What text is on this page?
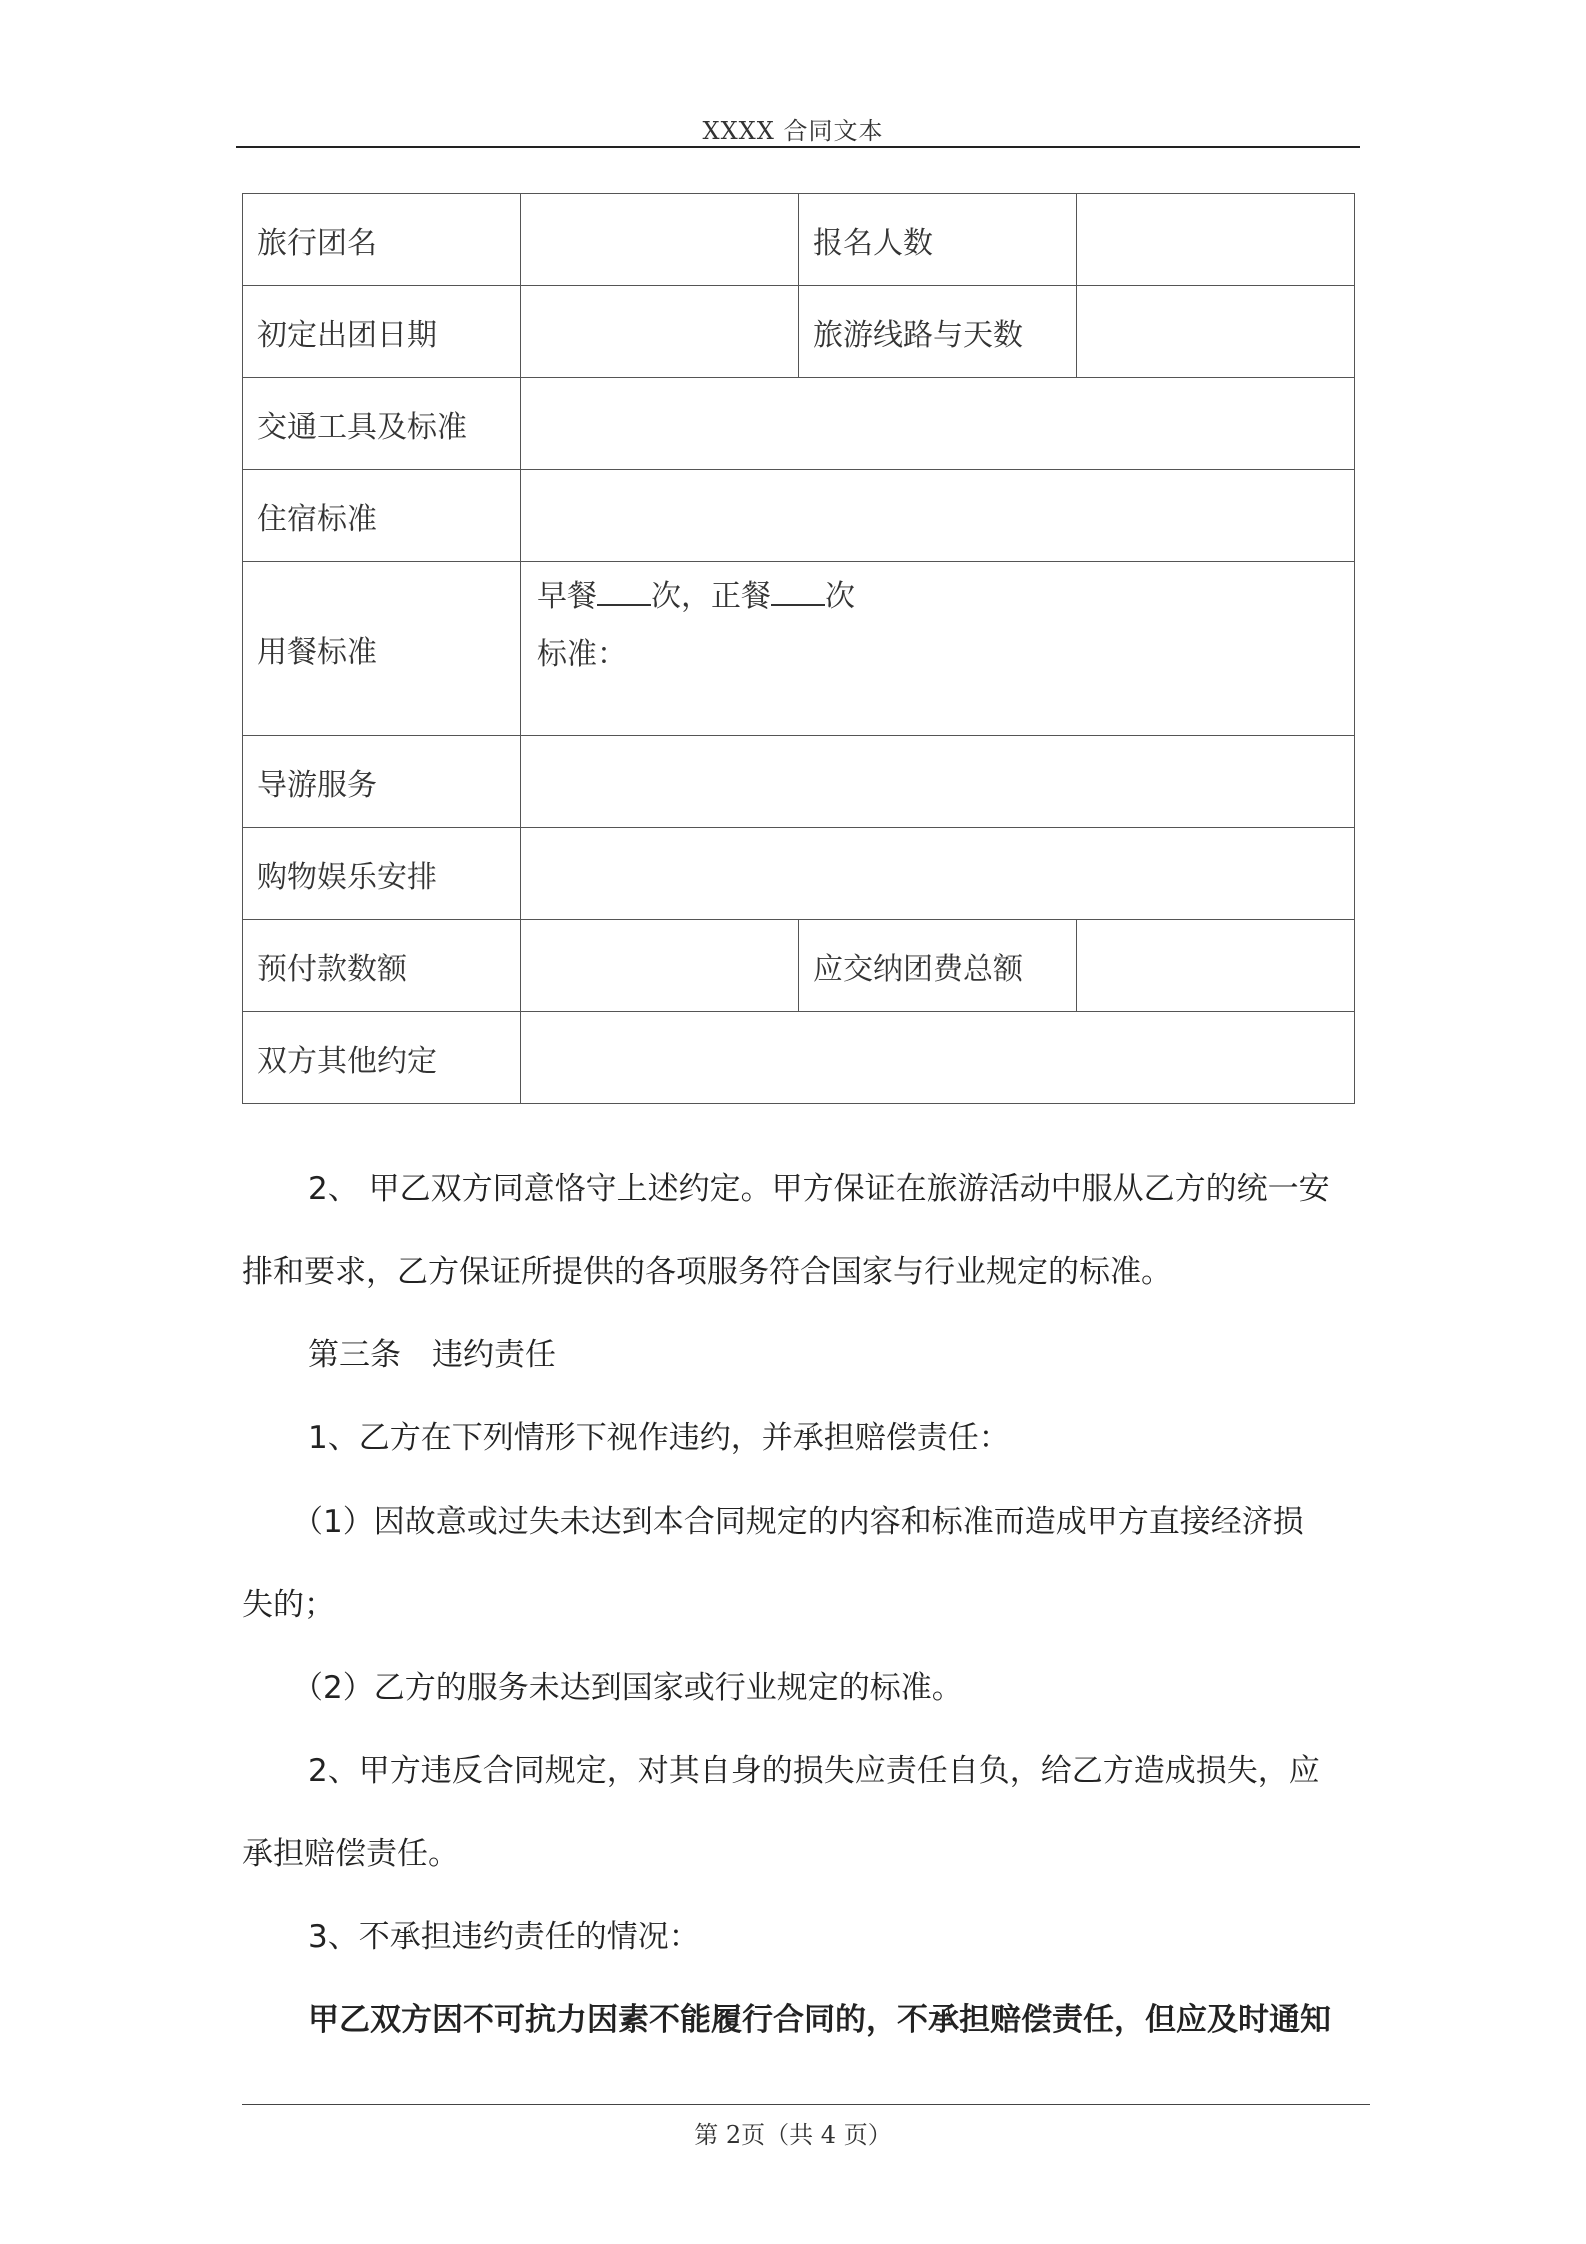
XXXX 合同文本
旅行团名		报名人数	
初定出团日期		旅游线路与天数	
交通工具及标准			
住宿标准			
用餐标准	早餐 次，正餐 次
标准：		

导游服务			
购物娱乐安排			
预付款数额		应交纳团费总额	
双方其他约定			
2、 甲乙双方同意恪守上述约定。甲方保证在旅游活动中服从乙方的统一安
排和要求，乙方保证所提供的各项服务符合国家与行业规定的标准。
第三条　违约责任
1、乙方在下列情形下视作违约，并承担赔偿责任：
（1）因故意或过失未达到本合同规定的内容和标准而造成甲方直接经济损
失的；
（2）乙方的服务未达到国家或行业规定的标准。
2、甲方违反合同规定，对其自身的损失应责任自负，给乙方造成损失，应
承担赔偿责任。
3、不承担违约责任的情况：
甲乙双方因不可抗力因素不能履行合同的，不承担赔偿责任，但应及时通知
第 2页（共 4 页）
